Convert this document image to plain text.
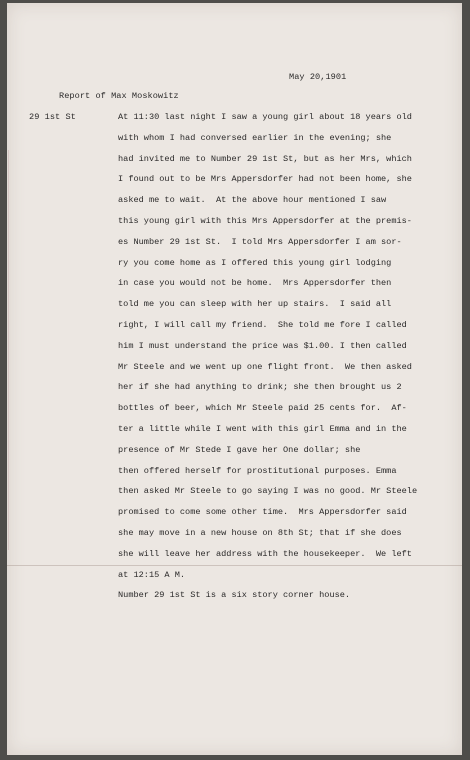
May 20,1901
Report of Max Moskowitz
29 1st St	At 11:30 last night I saw a young girl about 18 years old
with whom I had conversed earlier in the evening; she
had invited me to Number 29 1st St, but as her Mrs, which
I found out to be Mrs Appersdorfer had not been home, she
asked me to wait.  At the above hour mentioned I saw
this young girl with this Mrs Appersdorfer at the premis-
es Number 29 1st St.  I told Mrs Appersdorfer I am sor-
ry you come home as I offered this young girl lodging
in case you would not be home.  Mrs Appersdorfer then
told me you can sleep with her up stairs.  I said all
right, I will call my friend.  She told me fore I called
him I must understand the price was $1.00. I then called
Mr Steele and we went up one flight front.  We then asked
her if she had anything to drink; she then brought us 2
bottles of beer, which Mr Steele paid 25 cents for.  Af-
ter a little while I went with this girl Emma and in the
presence of Mr Stede I gave her One dollar; she
then offered herself for prostitutional purposes. Emma
then asked Mr Steele to go saying I was no good. Mr Steele
promised to come some other time.  Mrs Appersdorfer said
she may move in a new house on 8th St; that if she does
she will leave her address with the housekeeper.  We left
at 12:15 A M.
Number 29 1st St is a six story corner house.
